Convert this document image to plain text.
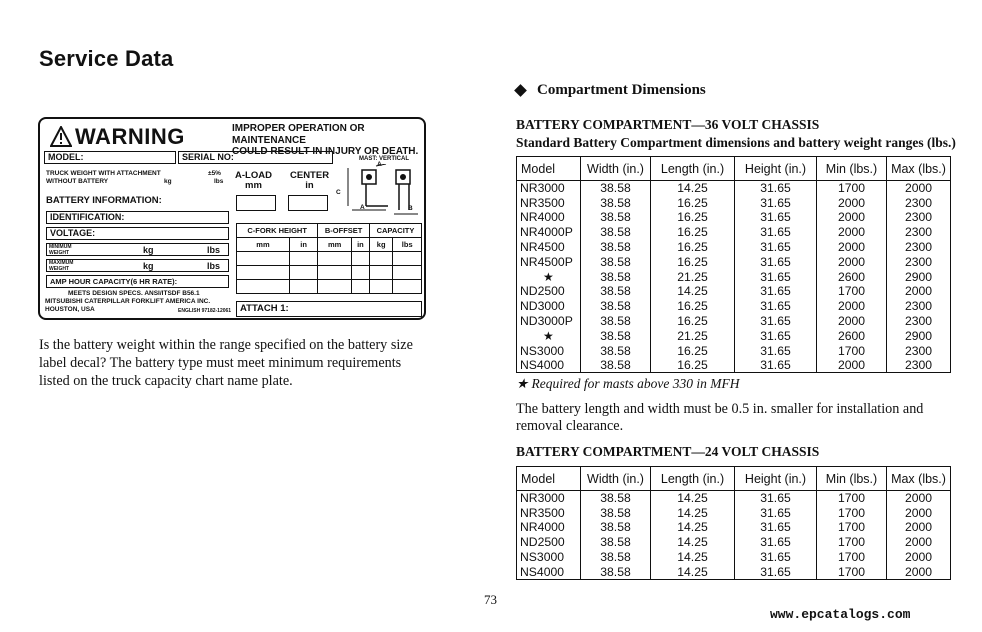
Service Data
WARNING	IMPROPER OPERATION OR MAINTENANCE
COULD RESULT IN INJURY OR DEATH.
MODEL:	SERIAL NO:	MAST: VERTICAL
A
C
A	B
TRUCK WEIGHT WITH ATTACHMENT
WITHOUT BATTERY
±5%
kg	lbs
A-LOAD
mm
CENTER
in
BATTERY INFORMATION:
IDENTIFICATION:
VOLTAGE:
MINIMUM
WEIGHT	kg	lbs
MAXIMUM
WEIGHT	kg	lbs
AMP HOUR CAPACITY(6 HR RATE):
MEETS DESIGN SPECS. ANSI/ITSDF B56.1
MITSUBISHI CATERPILLAR FORKLIFT AMERICA INC.
HOUSTON, USA	ENGLISH 97182-12061
C-FORK HEIGHT		B-OFFSET		CAPACITY	
mm	in	mm	in	kg	lbs

ATTACH 1:
Is the battery weight within the range specified on the battery size label decal? The battery type must meet minimum requirements listed on the truck capacity chart name plate.
Compartment Dimensions
BATTERY COMPARTMENT—36 VOLT CHASSIS
Standard Battery Compartment dimensions and battery weight ranges (lbs.)
Model	Width (in.)	Length (in.)	Height (in.)	Min (lbs.)	Max (lbs.)
NR3000	38.58	14.25	31.65	1700	2000
NR3500	38.58	16.25	31.65	2000	2300
NR4000	38.58	16.25	31.65	2000	2300
NR4000P	38.58	16.25	31.65	2000	2300
NR4500	38.58	16.25	31.65	2000	2300
NR4500P	38.58	16.25	31.65	2000	2300
★	38.58	21.25	31.65	2600	2900
ND2500	38.58	14.25	31.65	1700	2000
ND3000	38.58	16.25	31.65	2000	2300
ND3000P	38.58	16.25	31.65	2000	2300
★	38.58	21.25	31.65	2600	2900
NS3000	38.58	16.25	31.65	1700	2300
NS4000	38.58	16.25	31.65	2000	2300
★ Required for masts above 330 in MFH
The battery length and width must be 0.5 in. smaller for installation and removal clearance.
BATTERY COMPARTMENT—24 VOLT CHASSIS
Model	Width (in.)	Length (in.)	Height (in.)	Min (lbs.)	Max (lbs.)
NR3000	38.58	14.25	31.65	1700	2000
NR3500	38.58	14.25	31.65	1700	2000
NR4000	38.58	14.25	31.65	1700	2000
ND2500	38.58	14.25	31.65	1700	2000
NS3000	38.58	14.25	31.65	1700	2000
NS4000	38.58	14.25	31.65	1700	2000
73
www.epcatalogs.com
